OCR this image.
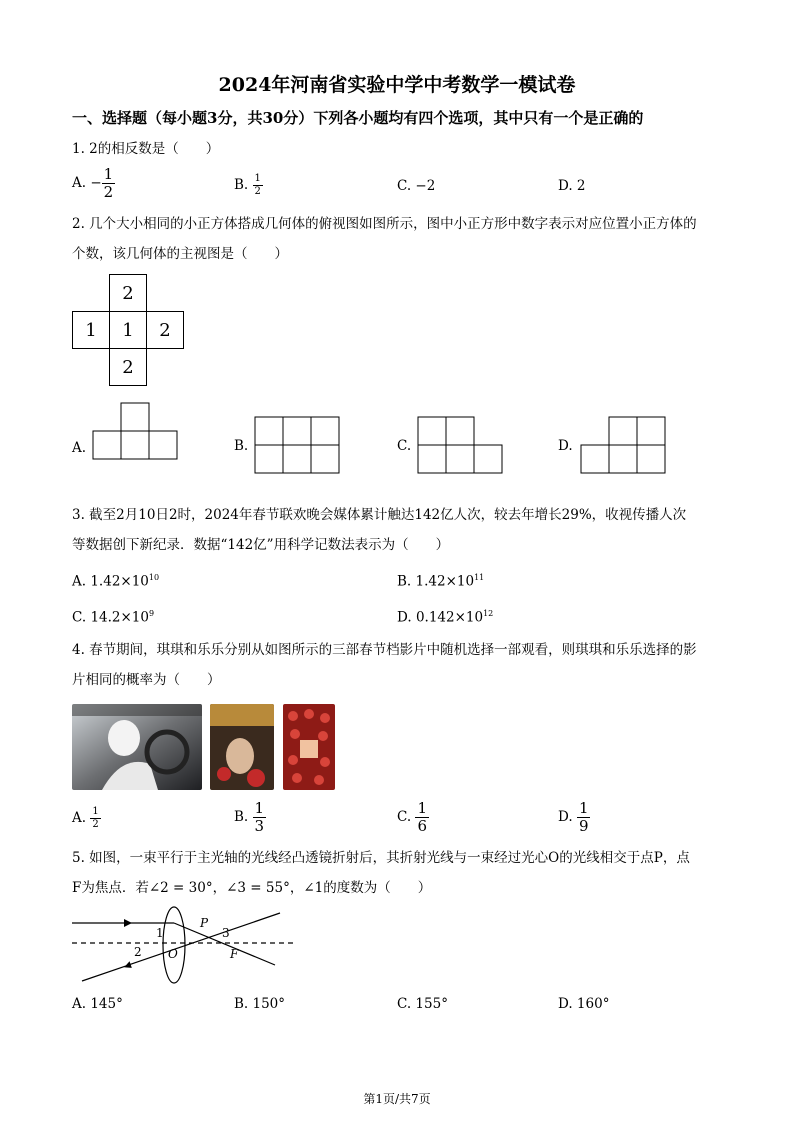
2024年河南省实验中学中考数学一模试卷
一、选择题（每小题3分，共30分）下列各小题均有四个选项，其中只有一个是正确的
1. 2的相反数是（　　）
A. − $\frac{1}{2}$	B. $\frac{1}{2}$	C. −2	D. 2
2. 几个大小相同的小正方体搭成几何体的俯视图如图所示，图中小正方形中数字表示对应位置小正方体的
个数，该几何体的主视图是（　　）
	2	
1	1	2
	2	
A.	B.	C.	D.
3. 截至2月10日2时，2024年春节联欢晚会媒体累计触达142亿人次，较去年增长29%，收视传播人次
等数据创下新纪录．数据“142亿”用科学记数法表示为（　　）
A. $1.42\times 10^{10}$	B. $1.42\times 10^{11}$
C. $14.2\times 10^9$	D. $0.142\times 10^{12}$
4. 春节期间，琪琪和乐乐分别从如图所示的三部春节档影片中随机选择一部观看，则琪琪和乐乐选择的影
片相同的概率为（　　）
A. $\frac{1}{2}$	B. $\frac{1}{3}$	C. $\frac{1}{6}$	D. $\frac{1}{9}$
5. 如图，一束平行于主光轴的光线经凸透镜折射后，其折射光线与一束经过光心O的光线相交于点P，点
F为焦点．若∠2 = 30°，∠3 = 55°，∠1的度数为（　　）
1
2
3
P
O	F
A. 145°	B. 150°	C. 155°	D. 160°
第1页/共7页
